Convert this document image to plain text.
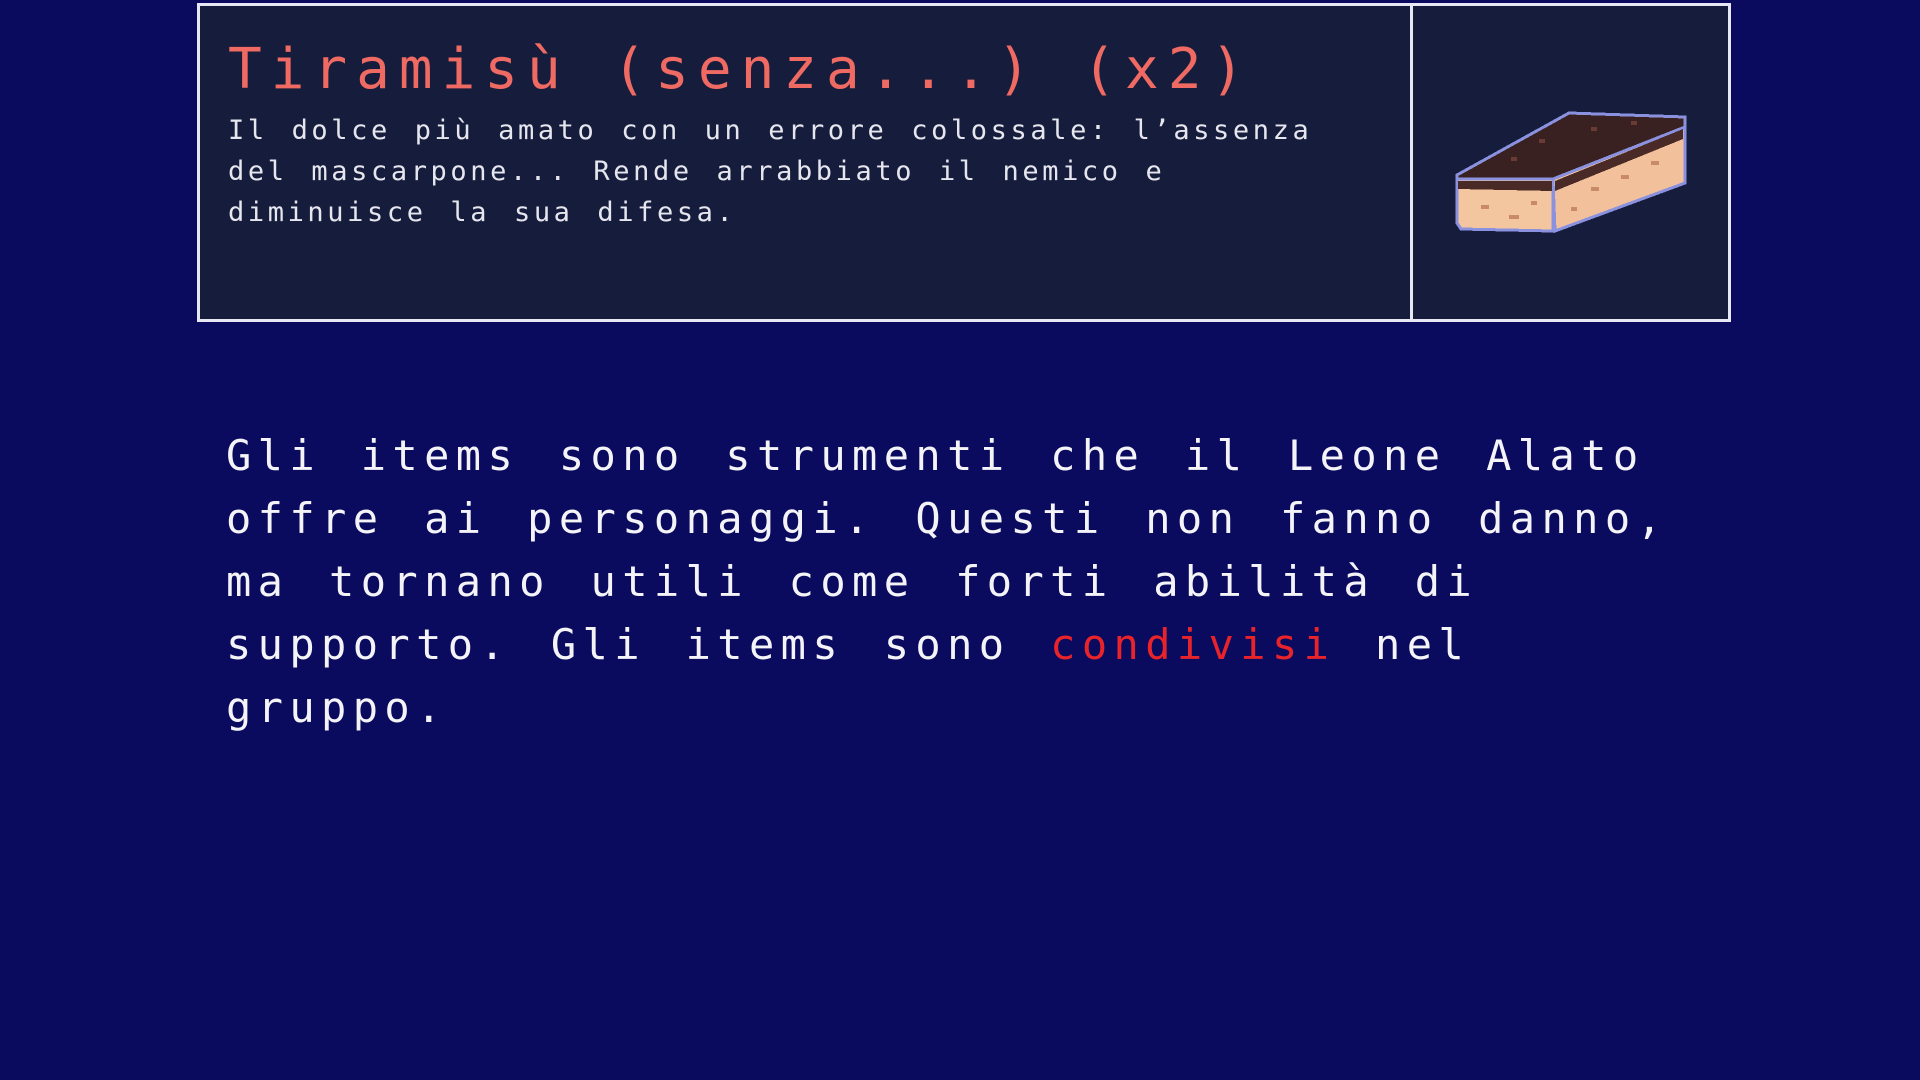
Tiramisù (senza...) (x2)

Il dolce più amato con un errore colossale: l’assenza del mascarpone... Rende arrabbiato il nemico e diminuisce la sua difesa.

Gli items sono strumenti che il Leone Alato offre ai personaggi. Questi non fanno danno, ma tornano utili come forti abilità di supporto. Gli items sono condivisi nel gruppo.
